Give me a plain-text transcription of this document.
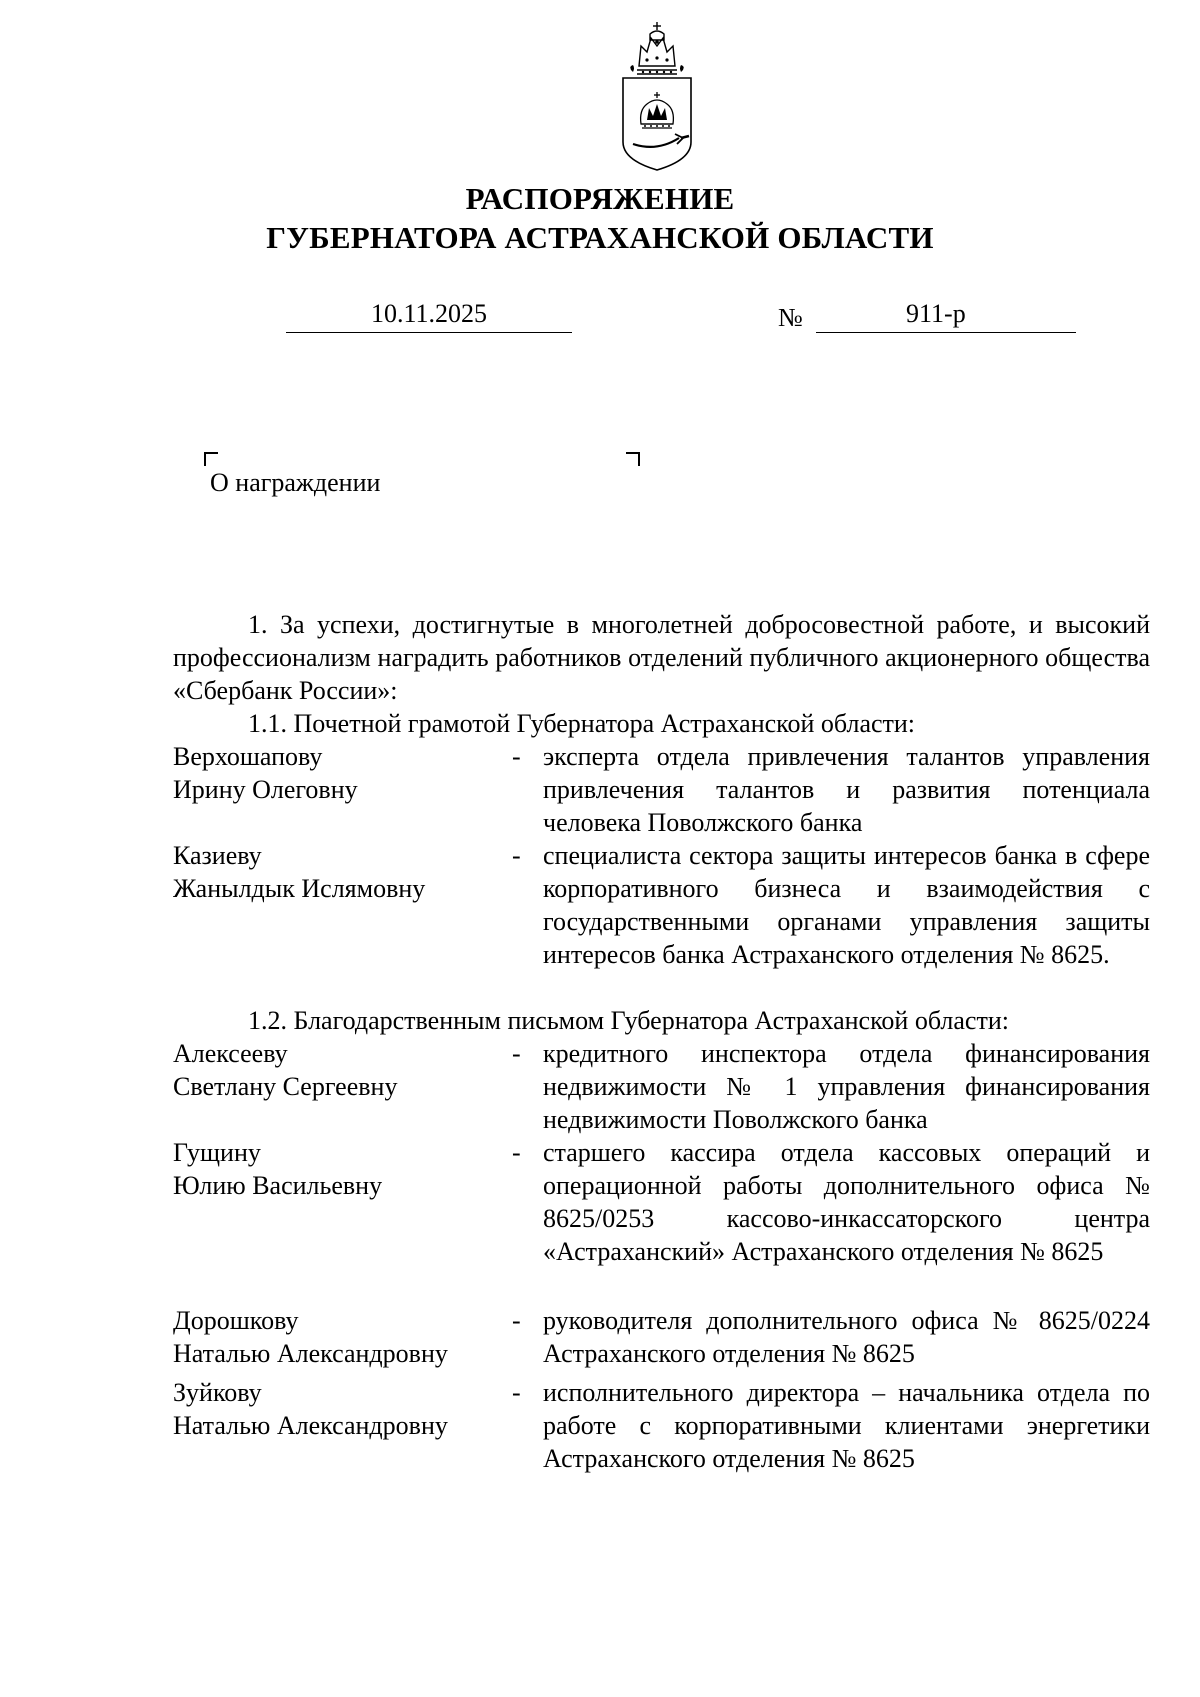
РАСПОРЯЖЕНИЕ
ГУБЕРНАТОРА АСТРАХАНСКОЙ ОБЛАСТИ
10.11.2025	№	911-р
О награждении
1. За успехи, достигнутые в многолетней добросовестной работе, и высокий профессионализм наградить работников отделений публичного акционерного общества «Сбербанк России»:
1.1. Почетной грамотой Губернатора Астраханской области:
Верхошапову
Ирину Олеговну
- эксперта отдела привлечения талантов управления привлечения талантов и развития потенциала человека Поволжского банка
Казиеву
Жанылдык Ислямовну
- специалиста сектора защиты интересов банка в сфере корпоративного бизнеса и взаимодействия с государственными органами управления защиты интересов банка Астраханского отделения № 8625.
1.2. Благодарственным письмом Губернатора Астраханской области:
Алексееву
Светлану Сергеевну
- кредитного инспектора отдела финансирования недвижимости № 1 управления финансирования недвижимости Поволжского банка
Гущину
Юлию Васильевну
- старшего кассира отдела кассовых операций и операционной работы дополнительного офиса № 8625/0253 кассово-инкассаторского центра «Астраханский» Астраханского отделения № 8625
Дорошкову
Наталью Александровну
- руководителя дополнительного офиса № 8625/0224 Астраханского отделения № 8625
Зуйкову
Наталью Александровну
- исполнительного директора – начальника отдела по работе с корпоративными клиентами энергетики Астраханского отделения № 8625
